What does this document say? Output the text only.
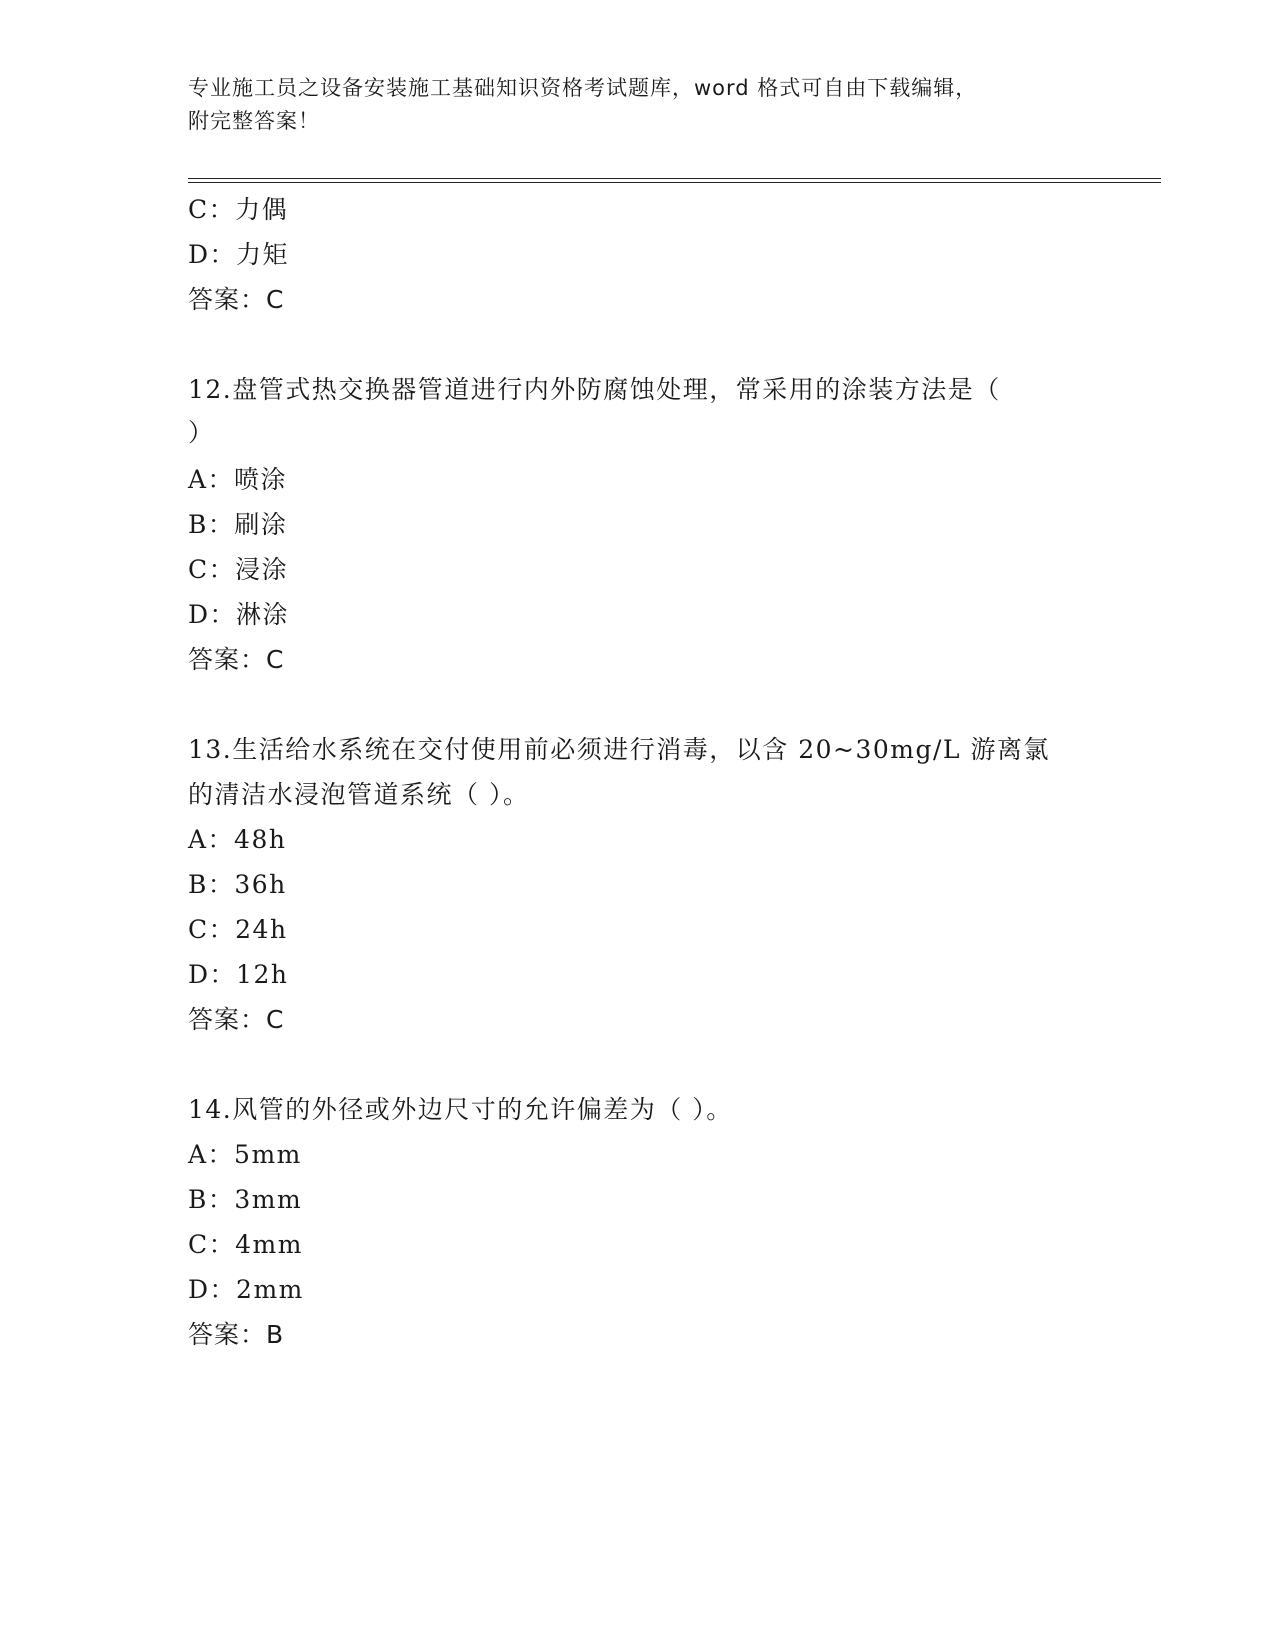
专业施工员之设备安装施工基础知识资格考试题库，word 格式可自由下载编辑，
附完整答案！
C：力偶
D：力矩
答案：C
12.盘管式热交换器管道进行内外防腐蚀处理，常采用的涂装方法是（
）
A：喷涂
B：刷涂
C：浸涂
D：淋涂
答案：C
13.生活给水系统在交付使用前必须进行消毒，以含 20~30mg/L 游离氯
的清洁水浸泡管道系统（ ）。
A：48h
B：36h
C：24h
D：12h
答案：C
14.风管的外径或外边尺寸的允许偏差为（ ）。
A：5mm
B：3mm
C：4mm
D：2mm
答案：B
